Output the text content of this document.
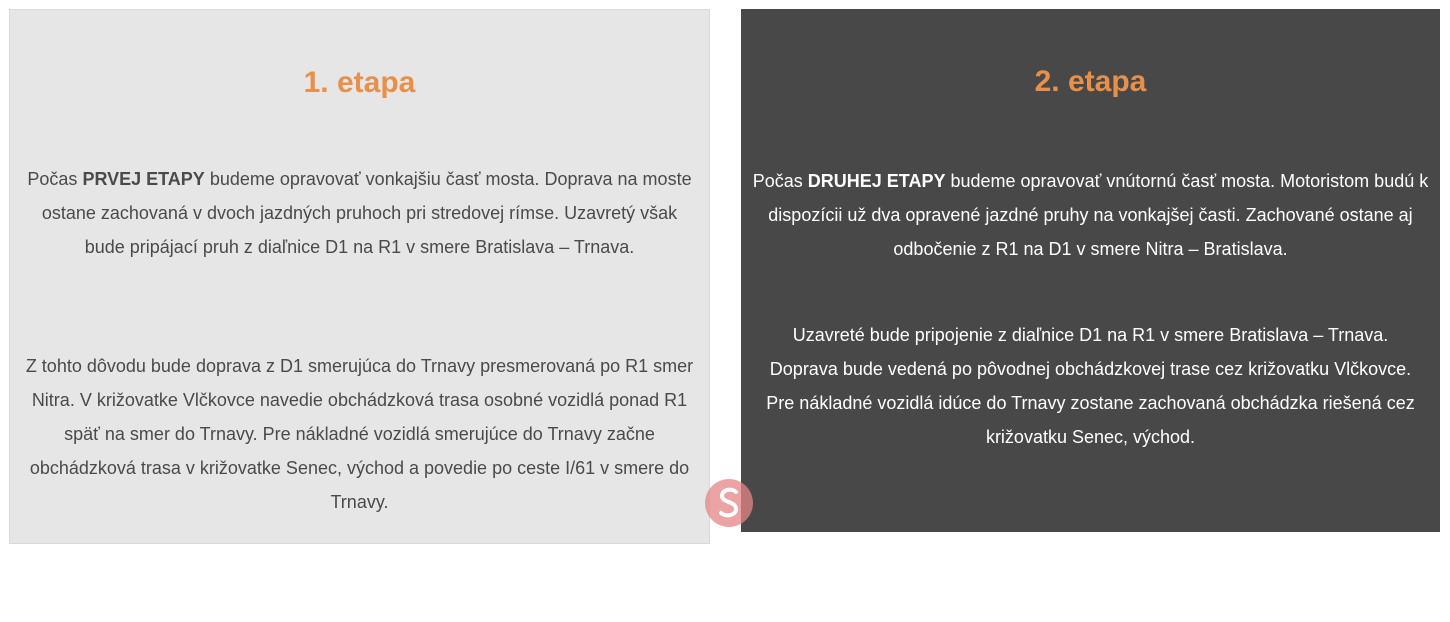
1. etapa

Počas PRVEJ ETAPY budeme opravovať vonkajšiu časť mosta. Doprava na moste ostane zachovaná v dvoch jazdných pruhoch pri stredovej rímse. Uzavretý však bude pripájací pruh z diaľnice D1 na R1 v smere Bratislava – Trnava.

Z tohto dôvodu bude doprava z D1 smerujúca do Trnavy presmerovaná po R1 smer Nitra. V križovatke Vlčkovce navedie obchádzková trasa osobné vozidlá ponad R1 späť na smer do Trnavy. Pre nákladné vozidlá smerujúce do Trnavy začne obchádzková trasa v križovatke Senec, východ a povedie po ceste I/61 v smere do Trnavy.

2. etapa

Počas DRUHEJ ETAPY budeme opravovať vnútornú časť mosta. Motoristom budú k dispozícii už dva opravené jazdné pruhy na vonkajšej časti. Zachované ostane aj odbočenie z R1 na D1 v smere Nitra – Bratislava.

Uzavreté bude pripojenie z diaľnice D1 na R1 v smere Bratislava – Trnava. Doprava bude vedená po pôvodnej obchádzkovej trase cez križovatku Vlčkovce. Pre nákladné vozidlá idúce do Trnavy zostane zachovaná obchádzka riešená cez križovatku Senec, východ.
